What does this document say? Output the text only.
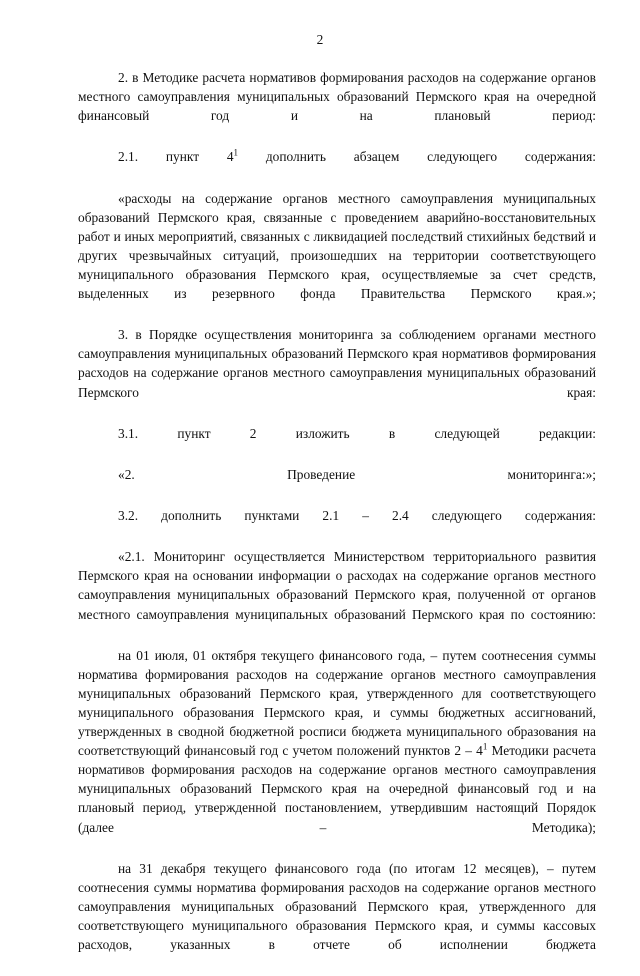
2

2. в Методике расчета нормативов формирования расходов на содержание органов местного самоуправления муниципальных образований Пермского края на очередной финансовый год и на плановый период:

2.1. пункт $4^1$ дополнить абзацем следующего содержания:

«расходы на содержание органов местного самоуправления муниципальных образований Пермского края, связанные с проведением аварийно-восстановительных работ и иных мероприятий, связанных с ликвидацией последствий стихийных бедствий и других чрезвычайных ситуаций, произошедших на территории соответствующего муниципального образования Пермского края, осуществляемые за счет средств, выделенных из резервного фонда Правительства Пермского края.»;

3. в Порядке осуществления мониторинга за соблюдением органами местного самоуправления муниципальных образований Пермского края нормативов формирования расходов на содержание органов местного самоуправления муниципальных образований Пермского края:

3.1. пункт 2 изложить в следующей редакции:

«2. Проведение мониторинга:»;

3.2. дополнить пунктами 2.1 – 2.4 следующего содержания:

«2.1. Мониторинг осуществляется Министерством территориального развития Пермского края на основании информации о расходах на содержание органов местного самоуправления муниципальных образований Пермского края, полученной от органов местного самоуправления муниципальных образований Пермского края по состоянию:

на 01 июля, 01 октября текущего финансового года, – путем соотнесения суммы норматива формирования расходов на содержание органов местного самоуправления муниципальных образований Пермского края, утвержденного для соответствующего муниципального образования Пермского края, и суммы бюджетных ассигнований, утвержденных в сводной бюджетной росписи бюджета муниципального образования на соответствующий финансовый год с учетом положений пунктов $2 - 4^1$ Методики расчета нормативов формирования расходов на содержание органов местного самоуправления муниципальных образований Пермского края на очередной финансовый год и на плановый период, утвержденной постановлением, утвердившим настоящий Порядок (далее – Методика);

на 31 декабря текущего финансового года (по итогам 12 месяцев), – путем соотнесения суммы норматива формирования расходов на содержание органов местного самоуправления муниципальных образований Пермского края, утвержденного для соответствующего муниципального образования Пермского края, и суммы кассовых расходов, указанных в отчете об исполнении бюджета
